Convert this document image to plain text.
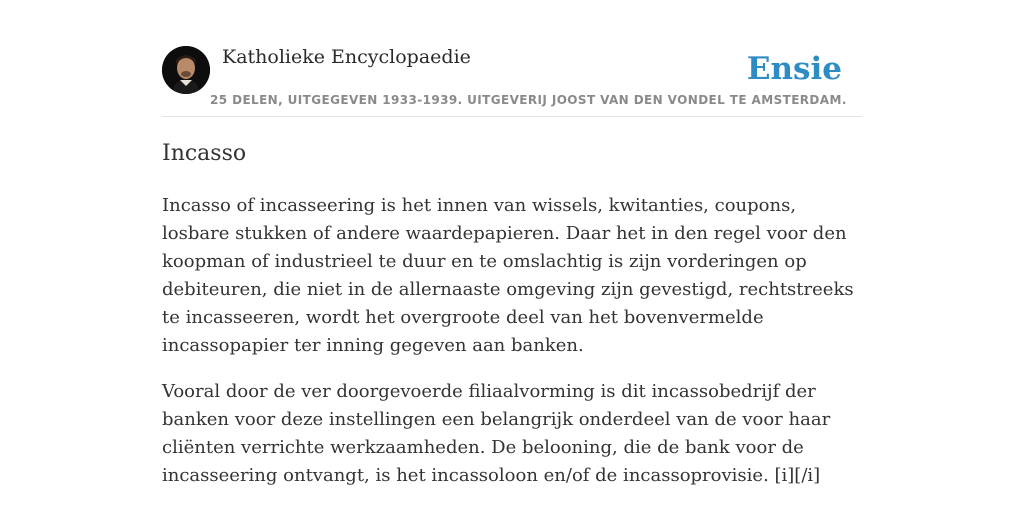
Katholieke Encyclopaedie
25 DELEN, UITGEGEVEN 1933-1939. UITGEVERIJ JOOST VAN DEN VONDEL TE AMSTERDAM.
Ensie
Incasso

Incasso of incasseering is het innen van wissels, kwitanties, coupons, losbare stukken of andere waardepapieren. Daar het in den regel voor den koopman of industrieel te duur en te omslachtig is zijn vorderingen op debiteuren, die niet in de allernaaste omgeving zijn gevestigd, rechtstreeks te incasseeren, wordt het overgroote deel van het bovenvermelde incassopapier ter inning gegeven aan banken.

Vooral door de ver doorgevoerde filiaalvorming is dit incassobedrijf der banken voor deze instellingen een belangrijk onderdeel van de voor haar cliënten verrichte werkzaamheden. De belooning, die de bank voor de incasseering ontvangt, is het incassoloon en/of de incassoprovisie. [i][/i]
